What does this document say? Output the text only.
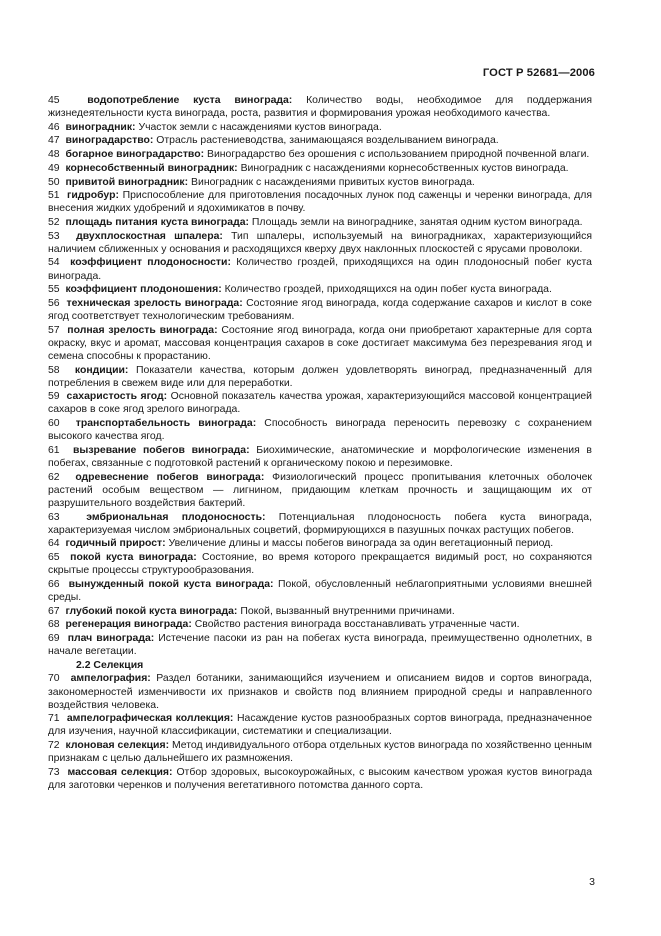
ГОСТ Р 52681—2006
45	водопотребление куста винограда: Количество воды, необходимое для поддержания жизнедеятельности куста винограда, роста, развития и формирования урожая необходимого качества.
46 виноградник: Участок земли с насаждениями кустов винограда.
47 виноградарство: Отрасль растениеводства, занимающаяся возделыванием винограда.
48 богарное виноградарство: Виноградарство без орошения с использованием природной почвенной влаги.
49 корнесобственный виноградник: Виноградник с насаждениями корнесобственных кустов винограда.
50 привитой виноградник: Виноградник с насаждениями привитых кустов винограда.
51 гидробур: Приспособление для приготовления посадочных лунок под саженцы и черенки винограда, для внесения жидких удобрений и ядохимикатов в почву.
52 площадь питания куста винограда: Площадь земли на винограднике, занятая одним кустом винограда.
53 двухплоскостная шпалера: Тип шпалеры, используемый на виноградниках, характеризующийся наличием сближенных у основания и расходящихся кверху двух наклонных плоскостей с ярусами проволоки.
54 коэффициент плодоносности: Количество гроздей, приходящихся на один плодоносный побег куста винограда.
55 коэффициент плодоношения: Количество гроздей, приходящихся на один побег куста винограда.
56 техническая зрелость винограда: Состояние ягод винограда, когда содержание сахаров и кислот в соке ягод соответствует технологическим требованиям.
57 полная зрелость винограда: Состояние ягод винограда, когда они приобретают характерные для сорта окраску, вкус и аромат, массовая концентрация сахаров в соке достигает максимума без перезревания ягод и семена способны к прорастанию.
58 кондиции: Показатели качества, которым должен удовлетворять виноград, предназначенный для потребления в свежем виде или для переработки.
59 сахаристость ягод: Основной показатель качества урожая, характеризующийся массовой концентрацией сахаров в соке ягод зрелого винограда.
60 транспортабельность винограда: Способность винограда переносить перевозку с сохранением высокого качества ягод.
61 вызревание побегов винограда: Биохимические, анатомические и морфологические изменения в побегах, связанные с подготовкой растений к органическому покою и перезимовке.
62 одревеснение побегов винограда: Физиологический процесс пропитывания клеточных оболочек растений особым веществом — лигнином, придающим клеткам прочность и защищающим их от разрушительного воздействия бактерий.
63	эмбриональная плодоносность: Потенциальная плодоносность побега куста винограда, характеризуемая числом эмбриональных соцветий, формирующихся в пазушных почках растущих побегов.
64 годичный прирост: Увеличение длины и массы побегов винограда за один вегетационный период.
65 покой куста винограда: Состояние, во время которого прекращается видимый рост, но сохраняются скрытые процессы структурообразования.
66 вынужденный покой куста винограда: Покой, обусловленный неблагоприятными условиями внешней среды.
67 глубокий покой куста винограда: Покой, вызванный внутренними причинами.
68 регенерация винограда: Свойство растения винограда восстанавливать утраченные части.
69 плач винограда: Истечение пасоки из ран на побегах куста винограда, преимущественно однолетних, в начале вегетации.
2.2 Селекция
70 ампелография: Раздел ботаники, занимающийся изучением и описанием видов и сортов винограда, закономерностей изменчивости их признаков и свойств под влиянием природной среды и направленного воздействия человека.
71 ампелографическая коллекция: Насаждение кустов разнообразных сортов винограда, предназначенное для изучения, научной классификации, систематики и специализации.
72 клоновая селекция: Метод индивидуального отбора отдельных кустов винограда по хозяйственно ценным признакам с целью дальнейшего их размножения.
73 массовая селекция: Отбор здоровых, высокоурожайных, с высоким качеством урожая кустов винограда для заготовки черенков и получения вегетативного потомства данного сорта.
3
